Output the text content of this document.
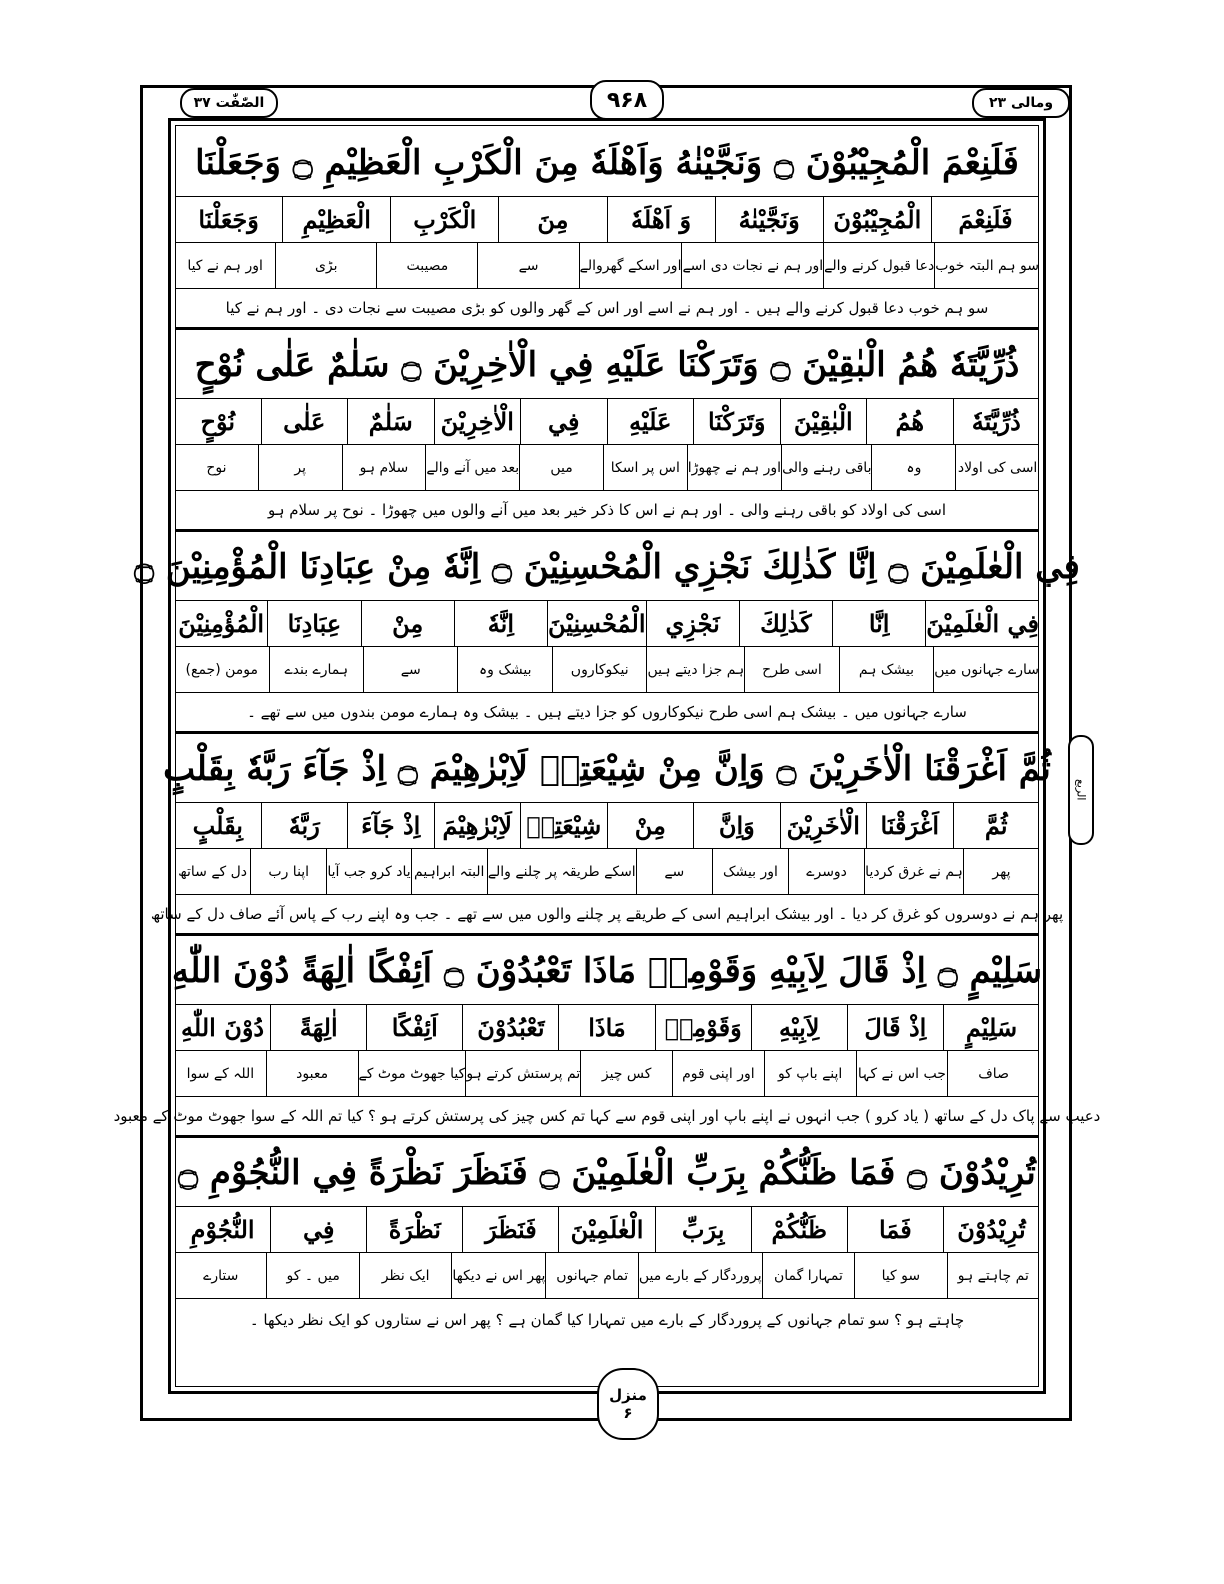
الصّٰفّٰت ۳۷	۹۶۸	ومالی ۲۳
الربع
فَلَنِعْمَ الْمُجِيْبُوْنَ ۝ وَنَجَّيْنٰهُ وَاَهْلَهٗ مِنَ الْكَرْبِ الْعَظِيْمِ ۝ وَجَعَلْنَا
فَلَنِعْمَ
الْمُجِيْبُوْنَ
وَنَجَّيْنٰهُ
وَ اَهْلَهٗ
مِنَ
الْكَرْبِ
الْعَظِيْمِ
وَجَعَلْنَا
سو ہم البتہ خوب
دعا قبول کرنے والے
اور ہم نے نجات دی اسے
اور اسکے گھروالے
سے
مصیبت
بڑی
اور ہم نے کیا
سو ہم خوب دعا قبول کرنے والے ہیں ۔ اور ہم نے اسے اور اس کے گھر والوں کو بڑی مصیبت سے نجات دی ۔ اور ہم نے کیا
ذُرِّيَّتَهٗ هُمُ الْبٰقِيْنَ ۝ وَتَرَكْنَا عَلَيْهِ فِي الْاٰخِرِيْنَ ۝ سَلٰمٌ عَلٰى نُوْحٍ
ذُرِّيَّتَهٗ
هُمُ
الْبٰقِيْنَ
وَتَرَكْنَا
عَلَيْهِ
فِي
الْاٰخِرِيْنَ
سَلٰمٌ
عَلٰى
نُوْحٍ
اسی کی اولاد
وہ
باقی رہنے والی
اور ہم نے چھوڑا
اس پر اسکا
میں
بعد میں آنے والے
سلام ہو
پر
نوح
اسی کی اولاد کو باقی رہنے والی ۔ اور ہم نے اس کا ذکر خیر بعد میں آنے والوں میں چھوڑا ۔ نوح پر سلام ہو
فِي الْعٰلَمِيْنَ ۝ اِنَّا كَذٰلِكَ نَجْزِي الْمُحْسِنِيْنَ ۝ اِنَّهٗ مِنْ عِبَادِنَا الْمُؤْمِنِيْنَ ۝
فِي الْعٰلَمِيْنَ
اِنَّا
كَذٰلِكَ
نَجْزِي
الْمُحْسِنِيْنَ
اِنَّهٗ
مِنْ
عِبَادِنَا
الْمُؤْمِنِيْنَ
سارے جہانوں میں
بیشک ہم
اسی طرح
ہم جزا دیتے ہیں
نیکوکاروں
بیشک وہ
سے
ہمارے بندے
مومن (جمع)
سارے جہانوں میں ۔ بیشک ہم اسی طرح نیکوکاروں کو جزا دیتے ہیں ۔ بیشک وہ ہمارے مومن بندوں میں سے تھے ۔
ثُمَّ اَغْرَقْنَا الْاٰخَرِيْنَ ۝ وَاِنَّ مِنْ شِيْعَتِهٖ لَاِبْرٰهِيْمَ ۝ اِذْ جَآءَ رَبَّهٗ بِقَلْبٍ
ثُمَّ
اَغْرَقْنَا
الْاٰخَرِيْنَ
وَاِنَّ
مِنْ
شِيْعَتِهٖ
لَاِبْرٰهِيْمَ
اِذْ جَآءَ
رَبَّهٗ
بِقَلْبٍ
پھر
ہم نے غرق کردیا
دوسرے
اور بیشک
سے
اسکے طریقہ پر چلنے والے
البتہ ابراہیم
یاد کرو جب آیا
اپنا رب
دل کے ساتھ
پھر ہم نے دوسروں کو غرق کر دیا ۔ اور بیشک ابراہیم اسی کے طریقے پر چلنے والوں میں سے تھے ۔ جب وہ اپنے رب کے پاس آئے صاف دل کے ساتھ
سَلِيْمٍ ۝ اِذْ قَالَ لِاَبِيْهِ وَقَوْمِهٖ مَاذَا تَعْبُدُوْنَ ۝ اَئِفْكًا اٰلِهَةً دُوْنَ اللّٰهِ
سَلِيْمٍ
اِذْ قَالَ
لِاَبِيْهِ
وَقَوْمِهٖ
مَاذَا
تَعْبُدُوْنَ
اَئِفْكًا
اٰلِهَةً
دُوْنَ اللّٰهِ
صاف
جب اس نے کہا
اپنے باپ کو
اور اپنی قوم
کس چیز
تم پرستش کرتے ہو
کیا جھوٹ موٹ کے
معبود
اللہ کے سوا
دعیب سے پاک دل کے ساتھ ( یاد کرو ) جب انہوں نے اپنے باپ اور اپنی قوم سے کہا تم کس چیز کی پرستش کرتے ہو ؟ کیا تم اللہ کے سوا جھوٹ موٹ کے معبود
تُرِيْدُوْنَ ۝ فَمَا ظَنُّكُمْ بِرَبِّ الْعٰلَمِيْنَ ۝ فَنَظَرَ نَظْرَةً فِي النُّجُوْمِ ۝
تُرِيْدُوْنَ
فَمَا
ظَنُّكُمْ
بِرَبِّ
الْعٰلَمِيْنَ
فَنَظَرَ
نَظْرَةً
فِي
النُّجُوْمِ
تم چاہتے ہو
سو کیا
تمہارا گمان
پروردگار کے بارے میں
تمام جہانوں
پھر اس نے دیکھا
ایک نظر
میں ۔ کو
ستارے
چاہتے ہو ؟ سو تمام جہانوں کے پروردگار کے بارے میں تمہارا کیا گمان ہے ؟ پھر اس نے ستاروں کو ایک نظر دیکھا ۔
منزل
۶
